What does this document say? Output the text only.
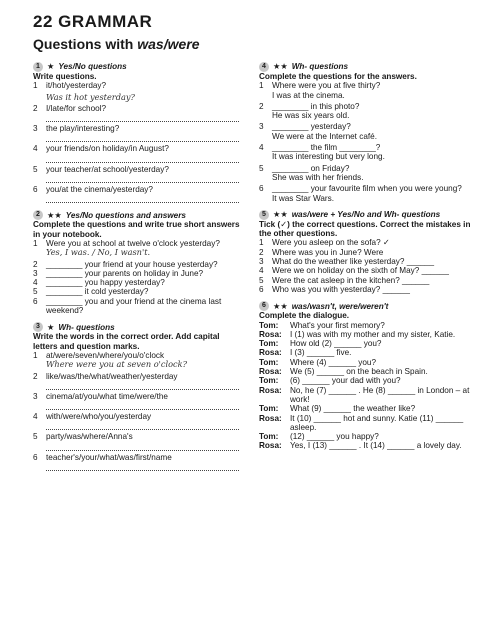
22 GRAMMAR
Questions with was/were
1 ★ Yes/No questions
Write questions.
1	it/hot/yesterday?
Was it hot yesterday?
2	I/late/for school?
3	the play/interesting?
4	your friends/on holiday/in August?
5	your teacher/at school/yesterday?
6	you/at the cinema/yesterday?
2 ★★ Yes/No questions and answers
Complete the questions and write true short answers in your notebook.
1	Were you at school at twelve o'clock yesterday?
Yes, I was. / No, I wasn't.
2	________ your friend at your house yesterday?
3	________ your parents on holiday in June?
4	________ you happy yesterday?
5	________ it cold yesterday?
6	________ you and your friend at the cinema last weekend?
3 ★ Wh- questions
Write the words in the correct order. Add capital letters and question marks.
1	at/were/seven/where/you/o'clock
Where were you at seven o'clock?
2	like/was/the/what/weather/yesterday
3	cinema/at/you/what time/were/the
4	with/were/who/you/yesterday
5	party/was/where/Anna's
6	teacher's/your/what/was/first/name
4 ★★ Wh- questions
Complete the questions for the answers.
1	Where were you at five thirty?
I was at the cinema.
2	________ in this photo?
He was six years old.
3	________ yesterday?
We were at the Internet café.
4	________ the film ________?
It was interesting but very long.
5	________ on Friday?
She was with her friends.
6	________ your favourite film when you were young?
It was Star Wars.
5 ★★ was/were + Yes/No and Wh- questions
Tick (✓) the correct questions. Correct the mistakes in the other questions.
1	Were you asleep on the sofa? ✓
2	Where was you in June? Were
3	What do the weather like yesterday? ______
4	Were we on holiday on the sixth of May? ______
5	Were the cat asleep in the kitchen? ______
6	Who was you with yesterday? ______
6 ★★ was/wasn't, were/weren't
Complete the dialogue.
Tom:	What's your first memory?
Rosa:	I (1) was with my mother and my sister, Katie.
Tom:	How old (2) ______ you?
Rosa:	I (3) ______ five.
Tom:	Where (4) ______ you?
Rosa:	We (5) ______ on the beach in Spain.
Tom:	(6) ______ your dad with you?
Rosa:	No, he (7) ______ . He (8) ______ in London – at work!
Tom:	What (9) ______ the weather like?
Rosa:	It (10) ______ hot and sunny. Katie (11) ______ asleep.
Tom:	(12) ______ you happy?
Rosa:	Yes, I (13) ______ . It (14) ______ a lovely day.
